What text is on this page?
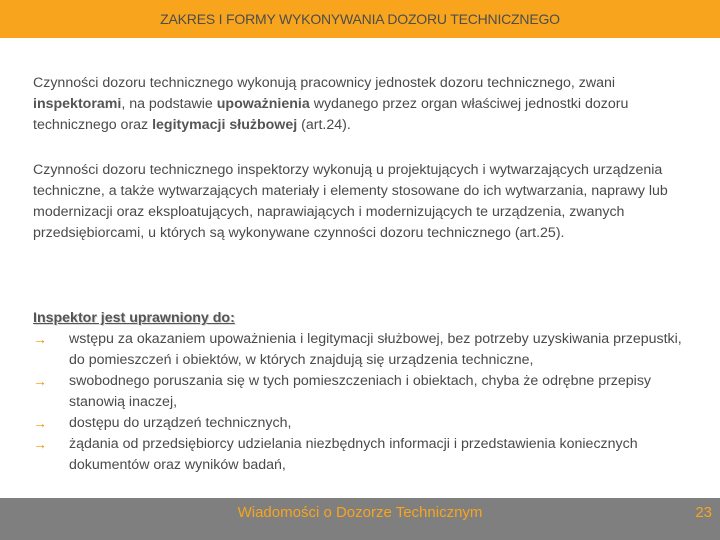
ZAKRES I FORMY WYKONYWANIA DOZORU TECHNICZNEGO
Czynności dozoru technicznego wykonują pracownicy jednostek dozoru technicznego, zwani inspektorami, na podstawie upoważnienia wydanego przez organ właściwej jednostki dozoru technicznego oraz legitymacji służbowej (art.24).
Czynności dozoru technicznego inspektorzy wykonują u projektujących i wytwarzających urządzenia techniczne, a także wytwarzających materiały i elementy stosowane do ich wytwarzania, naprawy lub modernizacji oraz eksploatujących, naprawiających i modernizujących te urządzenia, zwanych przedsiębiorcami, u których są wykonywane czynności dozoru technicznego (art.25).
Inspektor jest uprawniony do:
→	wstępu za okazaniem upoważnienia i legitymacji służbowej, bez potrzeby uzyskiwania przepustki, do pomieszczeń i obiektów, w których znajdują się urządzenia techniczne,
→	swobodnego poruszania się w tych pomieszczeniach i obiektach, chyba że odrębne przepisy stanowią inaczej,
→	dostępu do urządzeń technicznych,
→	żądania od przedsiębiorcy udzielania niezbędnych informacji i przedstawienia koniecznych dokumentów oraz wyników badań,
Wiadomości o Dozorze Technicznym	23
